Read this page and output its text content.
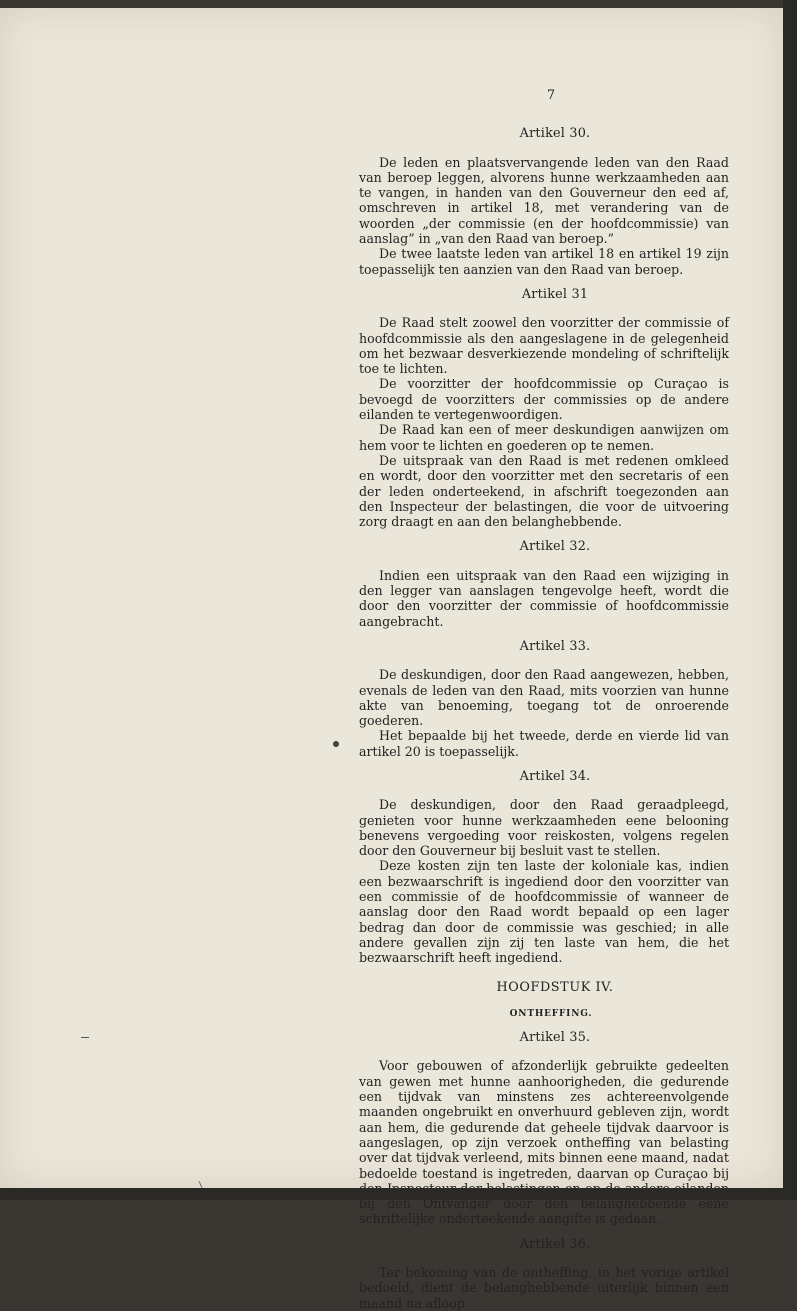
7
Artikel 30.

De leden en plaatsvervangende leden van den Raad van beroep leggen, alvorens hunne werkzaamheden aan te vangen, in handen van den Gouverneur den eed af, omschreven in artikel 18, met verandering van de woorden „der commissie (en der hoofdcommissie) van aanslag” in „van den Raad van beroep.”

De twee laatste leden van artikel 18 en artikel 19 zijn toepasselijk ten aanzien van den Raad van beroep.

Artikel 31

De Raad stelt zoowel den voorzitter der commissie of hoofdcommissie als den aangeslagene in de gelegenheid om het bezwaar desverkiezende mondeling of schriftelijk toe te lichten.

De voorzitter der hoofdcommissie op Curaçao is bevoegd de voorzitters der commissies op de andere eilanden te vertegenwoordigen.

De Raad kan een of meer deskundigen aanwijzen om hem voor te lichten en goederen op te nemen.

De uitspraak van den Raad is met redenen omkleed en wordt, door den voorzitter met den secretaris of een der leden onderteekend, in afschrift toegezonden aan den Inspecteur der belastingen, die voor de uitvoering zorg draagt en aan den belanghebbende.

Artikel 32.

Indien een uitspraak van den Raad een wijziging in den legger van aanslagen tengevolge heeft, wordt die door den voorzitter der commissie of hoofdcommissie aangebracht.

Artikel 33.

De deskundigen, door den Raad aangewezen, hebben, evenals de leden van den Raad, mits voorzien van hunne akte van benoeming, toegang tot de onroerende goederen.

Het bepaalde bij het tweede, derde en vierde lid van artikel 20 is toepasselijk.

Artikel 34.

De deskundigen, door den Raad geraadpleegd, genieten voor hunne werkzaamheden eene belooning benevens vergoeding voor reiskosten, volgens regelen door den Gouverneur bij besluit vast te stellen.

Deze kosten zijn ten laste der koloniale kas, indien een bezwaarschrift is ingediend door den voorzitter van een commissie of de hoofdcommissie of wanneer de aanslag door den Raad wordt bepaald op een lager bedrag dan door de commissie was geschied; in alle andere gevallen zijn zij ten laste van hem, die het bezwaarschrift heeft ingediend.

HOOFDSTUK IV.
ONTHEFFING.
Artikel 35.

Voor gebouwen of afzonderlijk gebruikte gedeelten van gewen met hunne aanhoorigheden, die gedurende een tijdvak van minstens zes achtereenvolgende maanden ongebruikt en onverhuurd gebleven zijn, wordt aan hem, die gedurende dat geheele tijdvak daarvoor is aangeslagen, op zijn verzoek ontheffing van belasting over dat tijdvak verleend, mits binnen eene maand, nadat bedoelde toestand is ingetreden, daarvan op Curaçao bij den Inspecteur der belastingen en op de andere eilanden bij den Ontvanger door den belanghebbende eene schriftelijke onderteekende aangifte is gedaan.

Artikel 36.

Ter bekoming van de ontheffing, in het vorige artikel bedoeld, dient de belanghebbende uiterlijk binnen een
